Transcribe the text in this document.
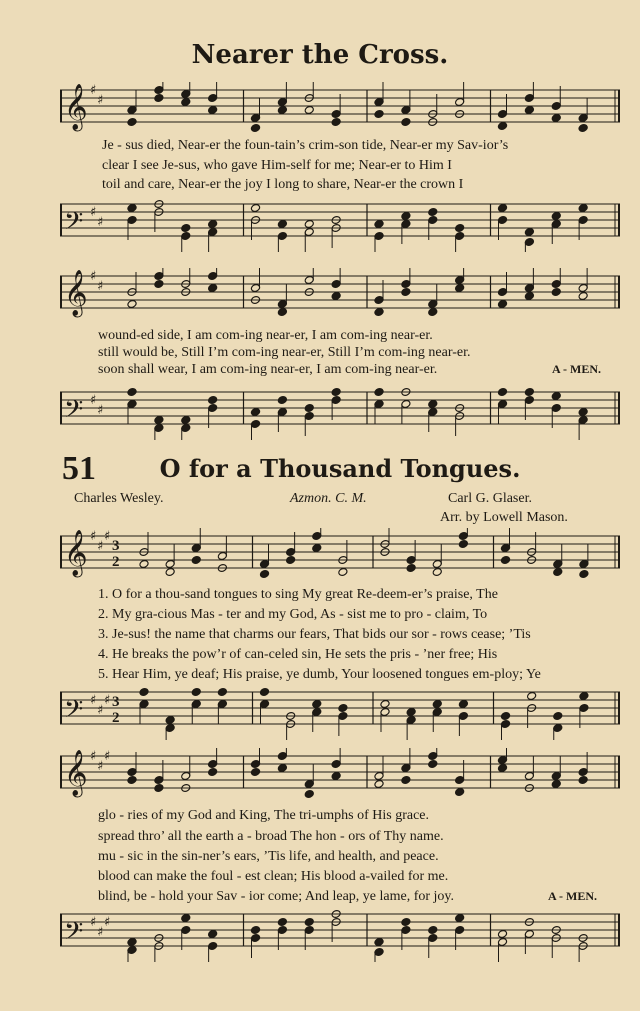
Nearer the Cross.
𝄞 ♯
♯
Je - sus died, Near-er the foun-tain’s crim-son tide, Near-er my Sav-ior’s
clear I see Je-sus, who gave Him-self for me; Near-er to Him I
toil and care, Near-er the joy I long to share, Near-er the crown I
𝄢 ♯
♯
𝄞 ♯
♯
wound-ed side, I am com-ing near-er, I am com-ing near-er.
still would be, Still I’m com-ing near-er, Still I’m com-ing near-er.
soon shall wear, I am com-ing near-er, I am com-ing near-er.	A - MEN.
𝄢 ♯
♯
51	O for a Thousand Tongues.
Charles Wesley.	Azmon. C. M.	Carl G. Glaser.
Arr. by Lowell Mason.
𝄞 ♯
♯
♯
3
2
1. O for a thou-sand tongues to sing My great Re-deem-er’s praise, The
2. My gra-cious Mas - ter and my God, As - sist me to pro - claim, To
3. Je-sus! the name that charms our fears, That bids our sor - rows cease; ’Tis
4. He breaks the pow’r of can-celed sin, He sets the pris - ’ner free; His
5. Hear Him, ye deaf; His praise, ye dumb, Your loosened tongues em-ploy; Ye
𝄢 ♯
♯
♯ 3
2
𝄞 ♯
♯
♯
glo - ries of my God and King, The tri-umphs of His grace.
spread thro’ all the earth a - broad The hon - ors of Thy name.
mu - sic in the sin-ner’s ears, ’Tis life, and health, and peace.
blood can make the foul - est clean; His blood a-vailed for me.
blind, be - hold your Sav - ior come; And leap, ye lame, for joy.	A - MEN.
𝄢 ♯
♯
♯
